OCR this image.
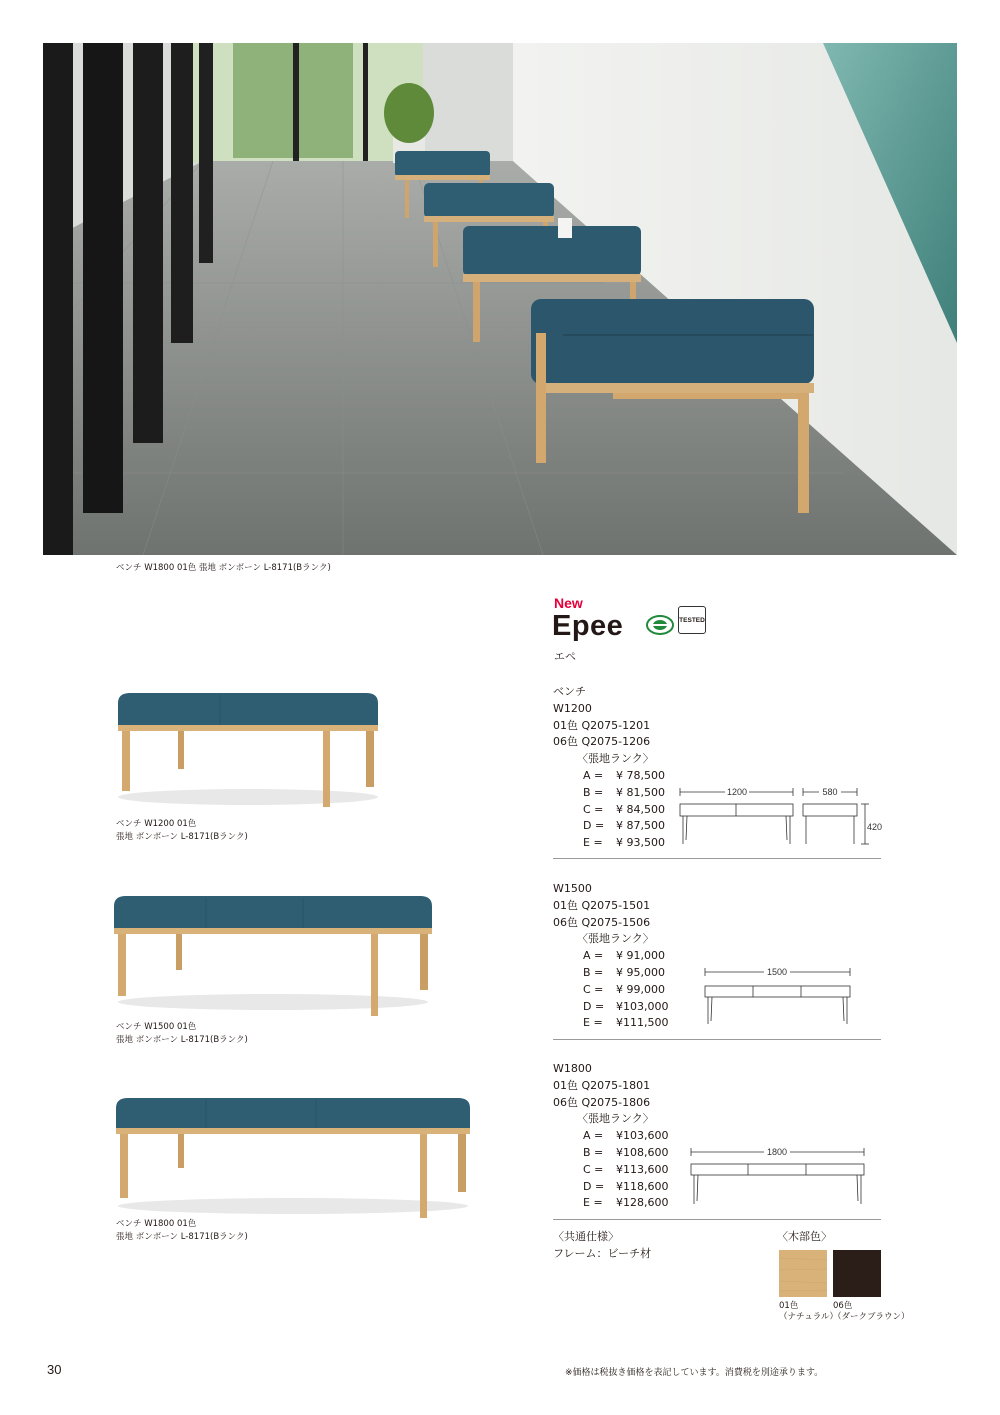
ベンチ W1800 01色 張地 ボンボーン L-8171(Bランク)
New
Epee	TESTED
エペ
ベンチ
W1200
01色 Q2075-1201
06色 Q2075-1206
〈張地ランク〉
A =	¥ 78,500
B =	¥ 81,500
C =	¥ 84,500
D =	¥ 87,500
E =	¥ 93,500
1200	580
420
W1500
01色 Q2075-1501
06色 Q2075-1506
〈張地ランク〉
A =	¥ 91,000
B =	¥ 95,000
C =	¥ 99,000
D =	¥103,000
E =	¥111,500
1500
W1800
01色 Q2075-1801
06色 Q2075-1806
〈張地ランク〉
A =	¥103,600
B =	¥108,600
C =	¥113,600
D =	¥118,600
E =	¥128,600
1800
〈共通仕様〉
フレーム：ビーチ材
〈木部色〉
01色
（ナチュラル）
06色
（ダークブラウン）
ベンチ W1200 01色
張地 ボンボーン L-8171(Bランク)
ベンチ W1500 01色
張地 ボンボーン L-8171(Bランク)
ベンチ W1800 01色
張地 ボンボーン L-8171(Bランク)
30	※価格は税抜き価格を表記しています。消費税を別途承ります。
